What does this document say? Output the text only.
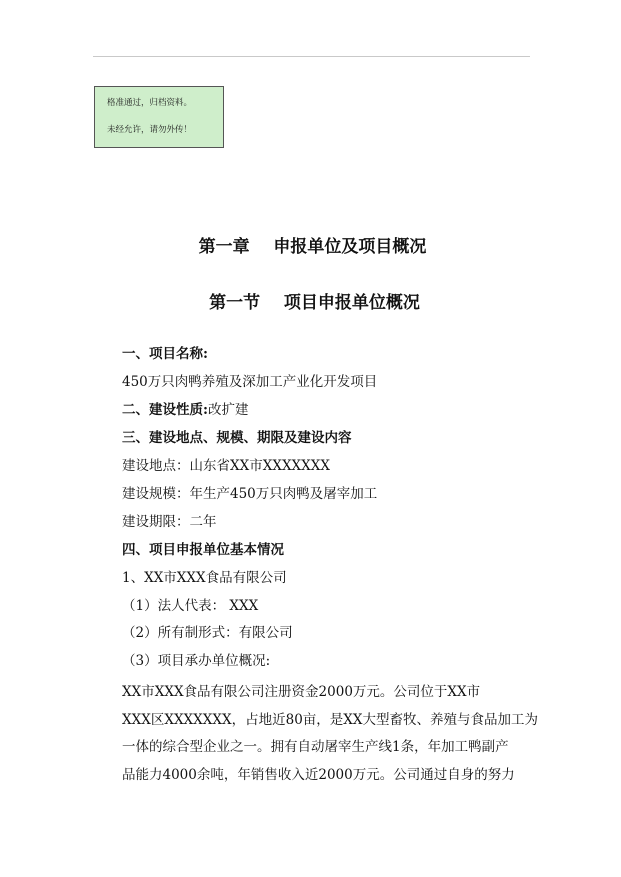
格准通过，归档资料。
未经允许，请勿外传！
第一章    申报单位及项目概况
第一节    项目申报单位概况
一、项目名称:
450万只肉鸭养殖及深加工产业化开发项目
二、建设性质:改扩建
三、建设地点、规模、期限及建设内容
建设地点：山东省XX市XXXXXXX
建设规模：年生产450万只肉鸭及屠宰加工
建设期限：二年
四、项目申报单位基本情况
1、XX市XXX食品有限公司
（1）法人代表： XXX
（2）所有制形式：有限公司
（3）项目承办单位概况:
XX市XXX食品有限公司注册资金2000万元。公司位于XX市
XXX区XXXXXXX，占地近80亩，是XX大型畜牧、养殖与食品加工为
一体的综合型企业之一。拥有自动屠宰生产线1条，年加工鸭副产
品能力4000余吨，年销售收入近2000万元。公司通过自身的努力
